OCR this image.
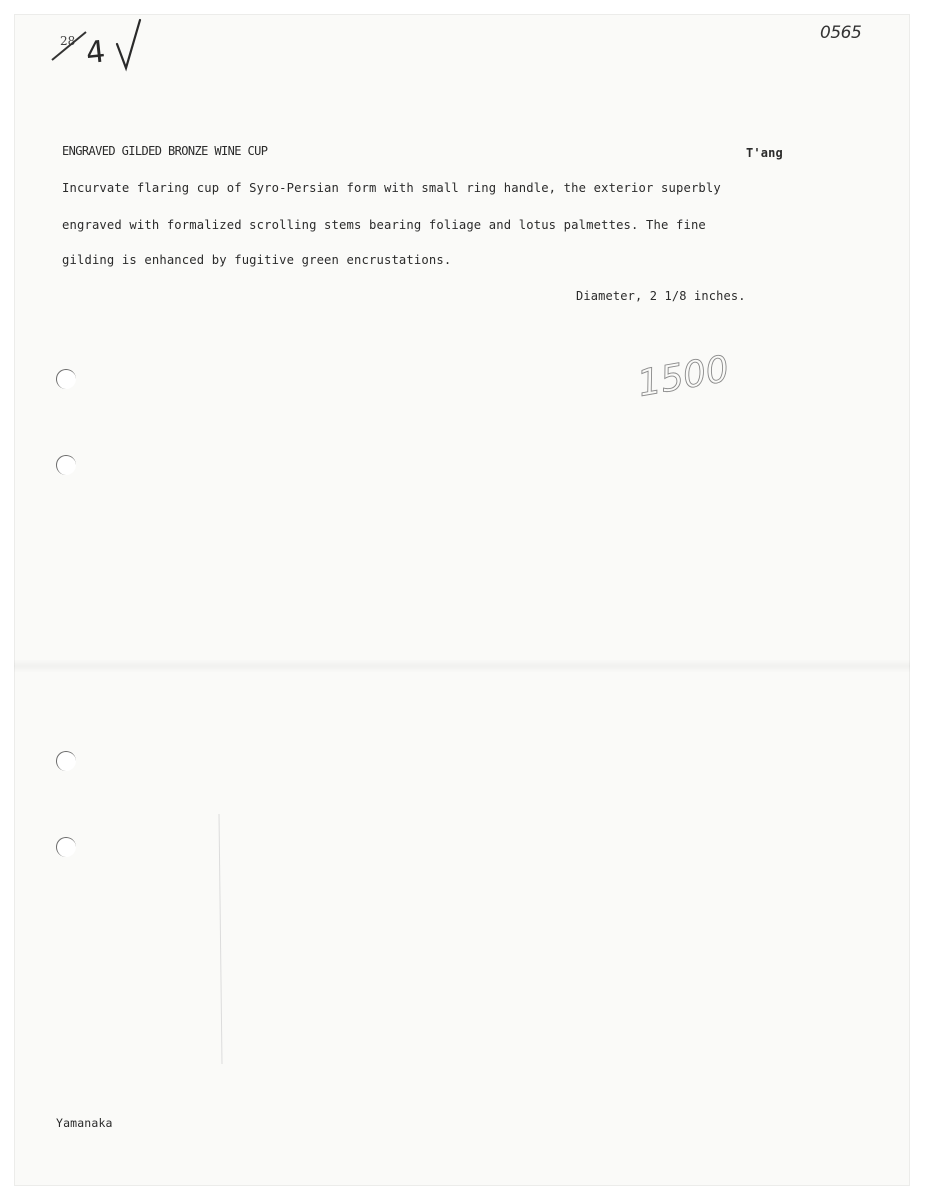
0565
28 4
1500
ENGRAVED GILDED BRONZE WINE CUP	T'ang
Incurvate flaring cup of Syro-Persian form with small ring handle, the exterior superbly
engraved with formalized scrolling stems bearing foliage and lotus palmettes. The fine
gilding is enhanced by fugitive green encrustations.
Diameter, 2 1/8 inches.
Yamanaka
